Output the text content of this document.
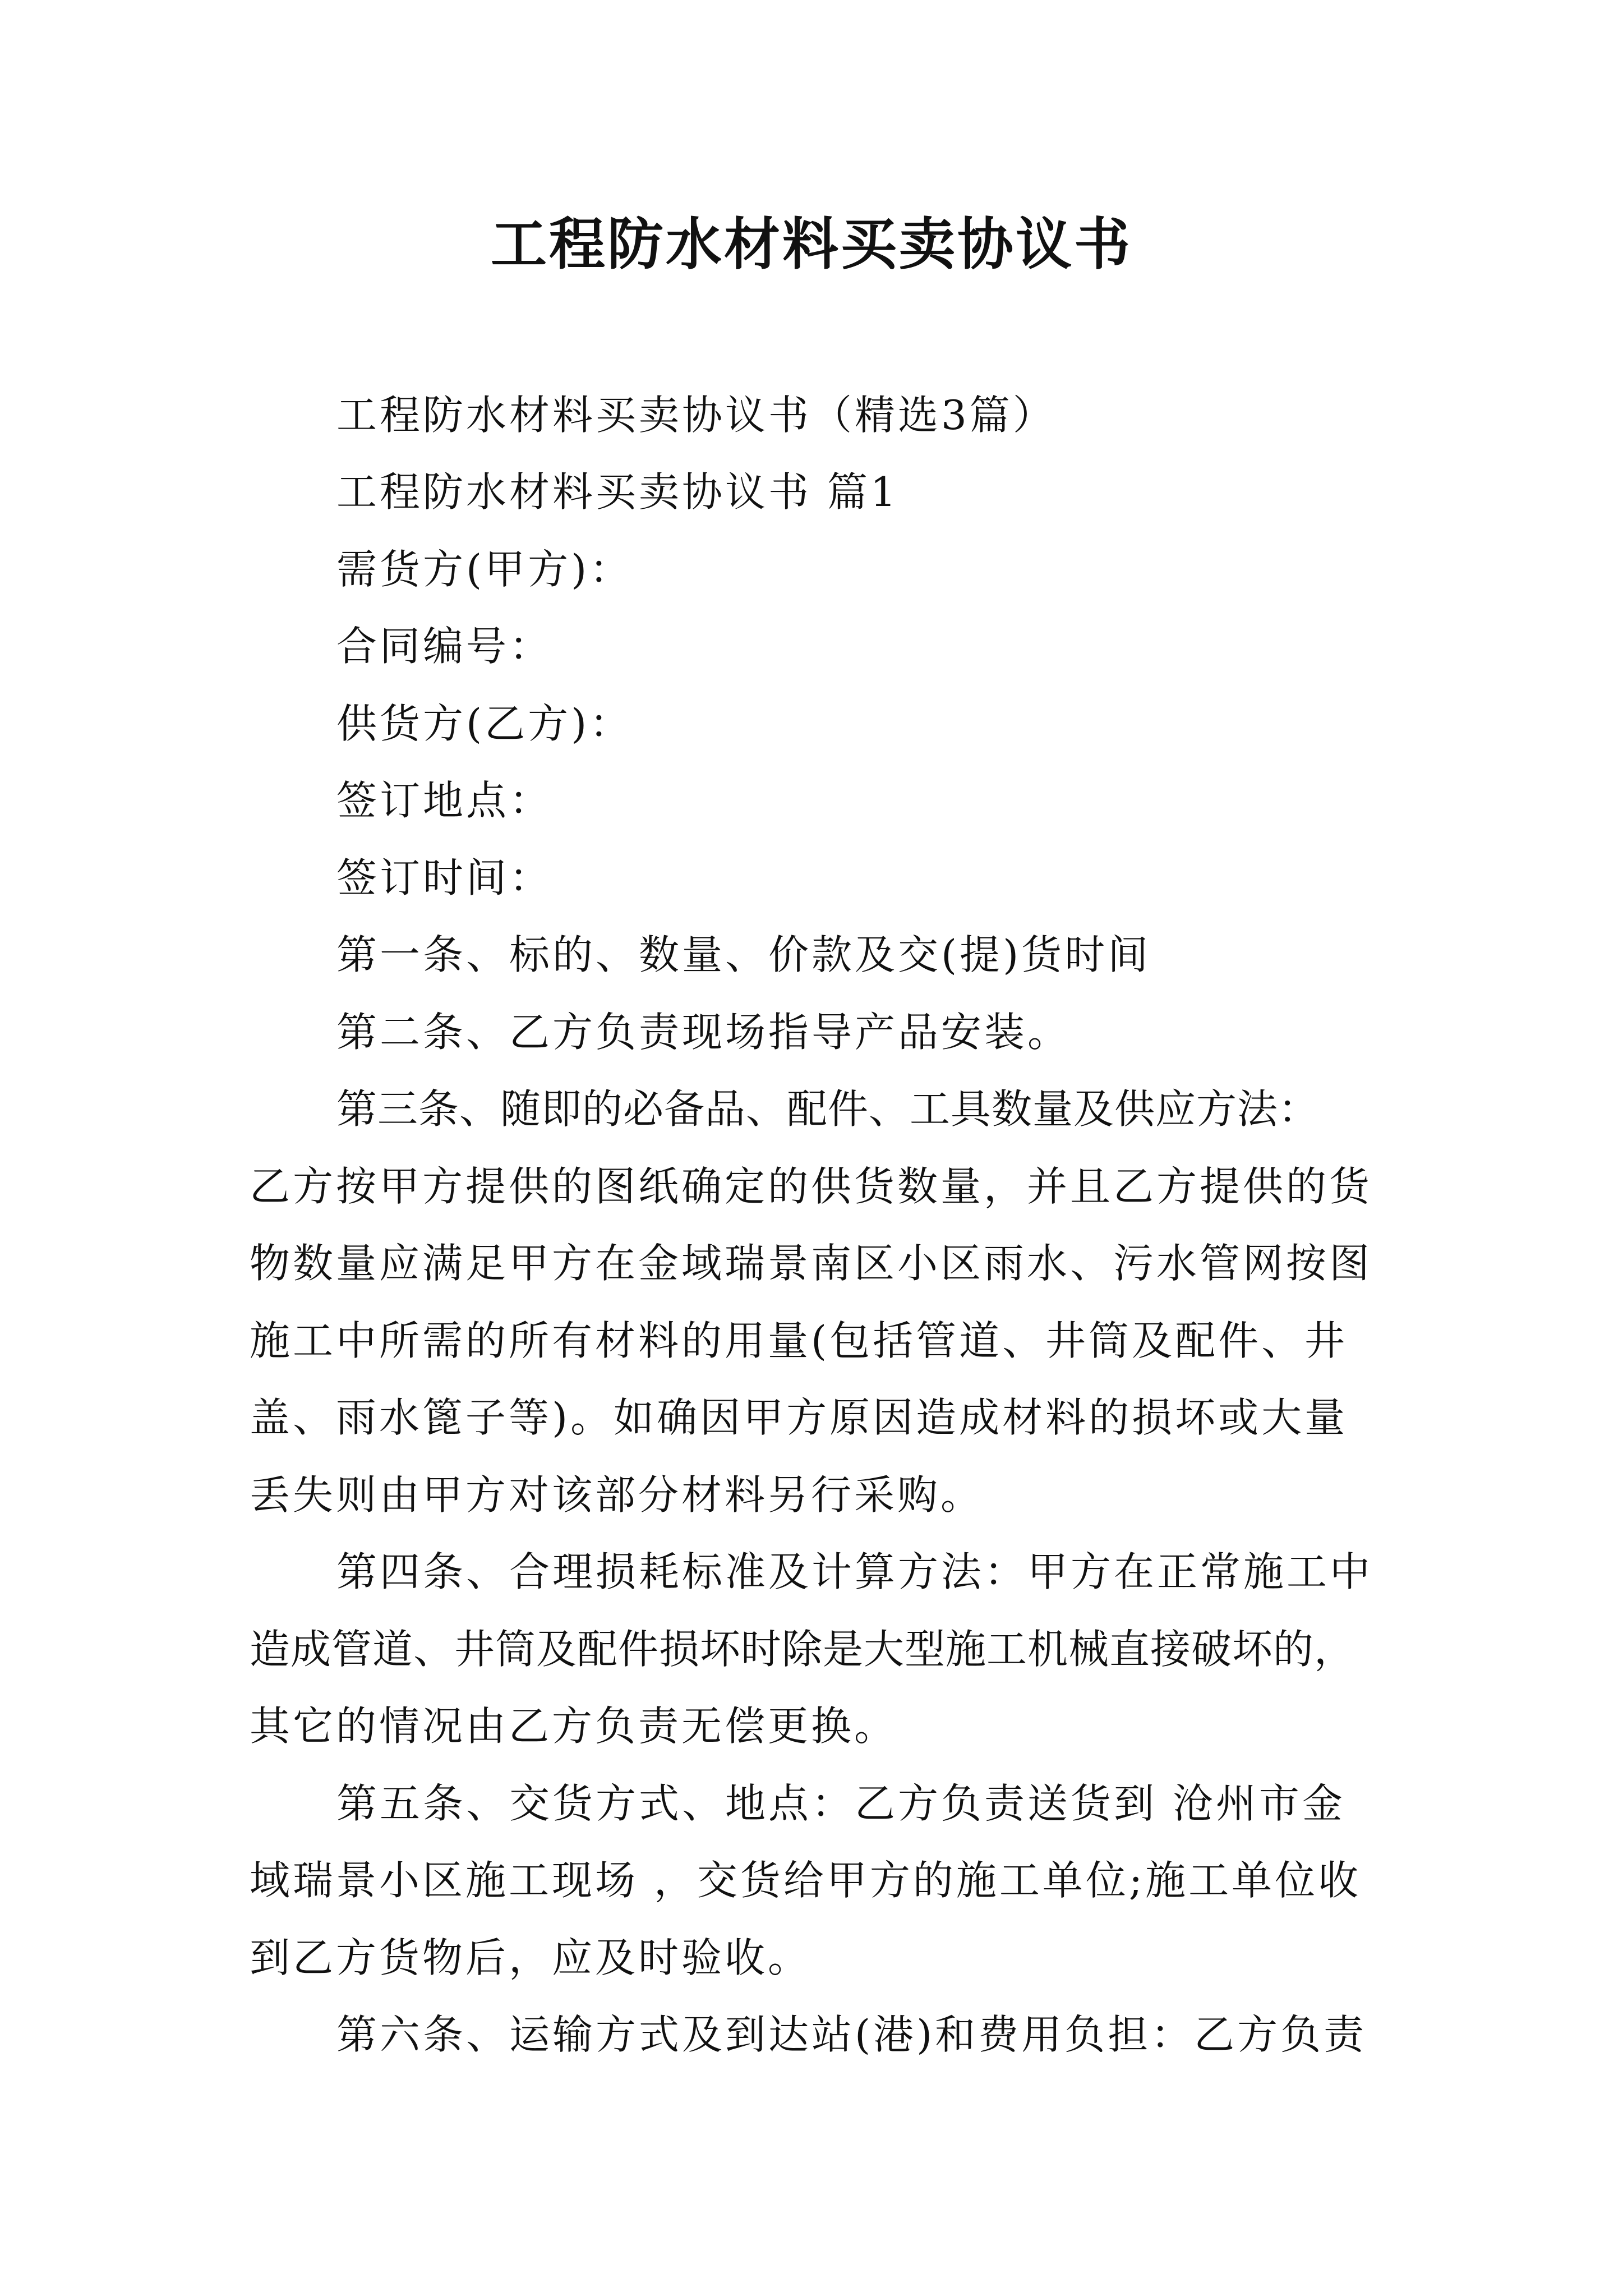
工程防水材料买卖协议书
工程防水材料买卖协议书（精选3篇）
工程防水材料买卖协议书 篇1
需货方(甲方)：
合同编号：
供货方(乙方)：
签订地点：
签订时间：
第一条、标的、数量、价款及交(提)货时间
第二条、乙方负责现场指导产品安装。
第三条、随即的必备品、配件、工具数量及供应方法：
乙方按甲方提供的图纸确定的供货数量，并且乙方提供的货
物数量应满足甲方在金域瑞景南区小区雨水、污水管网按图
施工中所需的所有材料的用量(包括管道、井筒及配件、井
盖、雨水篦子等)。如确因甲方原因造成材料的损坏或大量
丢失则由甲方对该部分材料另行采购。
第四条、合理损耗标准及计算方法：甲方在正常施工中
造成管道、井筒及配件损坏时除是大型施工机械直接破坏的，
其它的情况由乙方负责无偿更换。
第五条、交货方式、地点：乙方负责送货到 沧州市金
域瑞景小区施工现场 ，交货给甲方的施工单位;施工单位收
到乙方货物后，应及时验收。
第六条、运输方式及到达站(港)和费用负担：乙方负责
